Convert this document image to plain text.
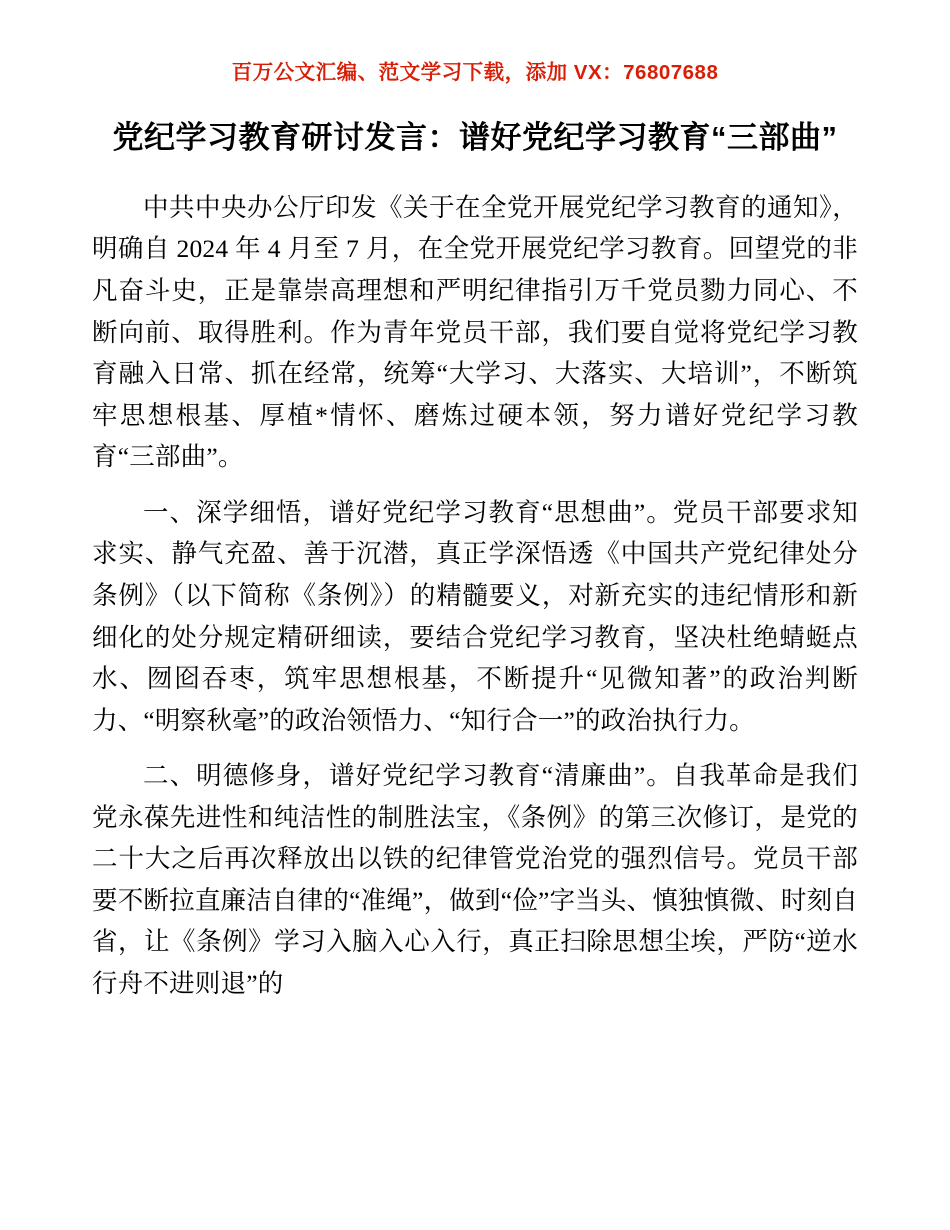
百万公文汇编、范文学习下载，添加 VX：76807688
党纪学习教育研讨发言：谱好党纪学习教育“三部曲”

中共中央办公厅印发《关于在全党开展党纪学习教育的通知》，明确自 2024 年 4 月至 7 月，在全党开展党纪学习教育。回望党的非凡奋斗史，正是靠崇高理想和严明纪律指引万千党员勠力同心、不断向前、取得胜利。作为青年党员干部，我们要自觉将党纪学习教育融入日常、抓在经常，统筹“大学习、大落实、大培训”，不断筑牢思想根基、厚植*情怀、磨炼过硬本领，努力谱好党纪学习教育“三部曲”。

一、深学细悟，谱好党纪学习教育“思想曲”。党员干部要求知求实、静气充盈、善于沉潜，真正学深悟透《中国共产党纪律处分条例》（以下简称《条例》）的精髓要义，对新充实的违纪情形和新细化的处分规定精研细读，要结合党纪学习教育，坚决杜绝蜻蜓点水、囫囵吞枣，筑牢思想根基，不断提升“见微知著”的政治判断力、“明察秋毫”的政治领悟力、“知行合一”的政治执行力。

二、明德修身，谱好党纪学习教育“清廉曲”。自我革命是我们党永葆先进性和纯洁性的制胜法宝，《条例》的第三次修订，是党的二十大之后再次释放出以铁的纪律管党治党的强烈信号。党员干部要不断拉直廉洁自律的“准绳”，做到“俭”字当头、慎独慎微、时刻自省，让《条例》学习入脑入心入行，真正扫除思想尘埃，严防“逆水行舟不进则退”的
